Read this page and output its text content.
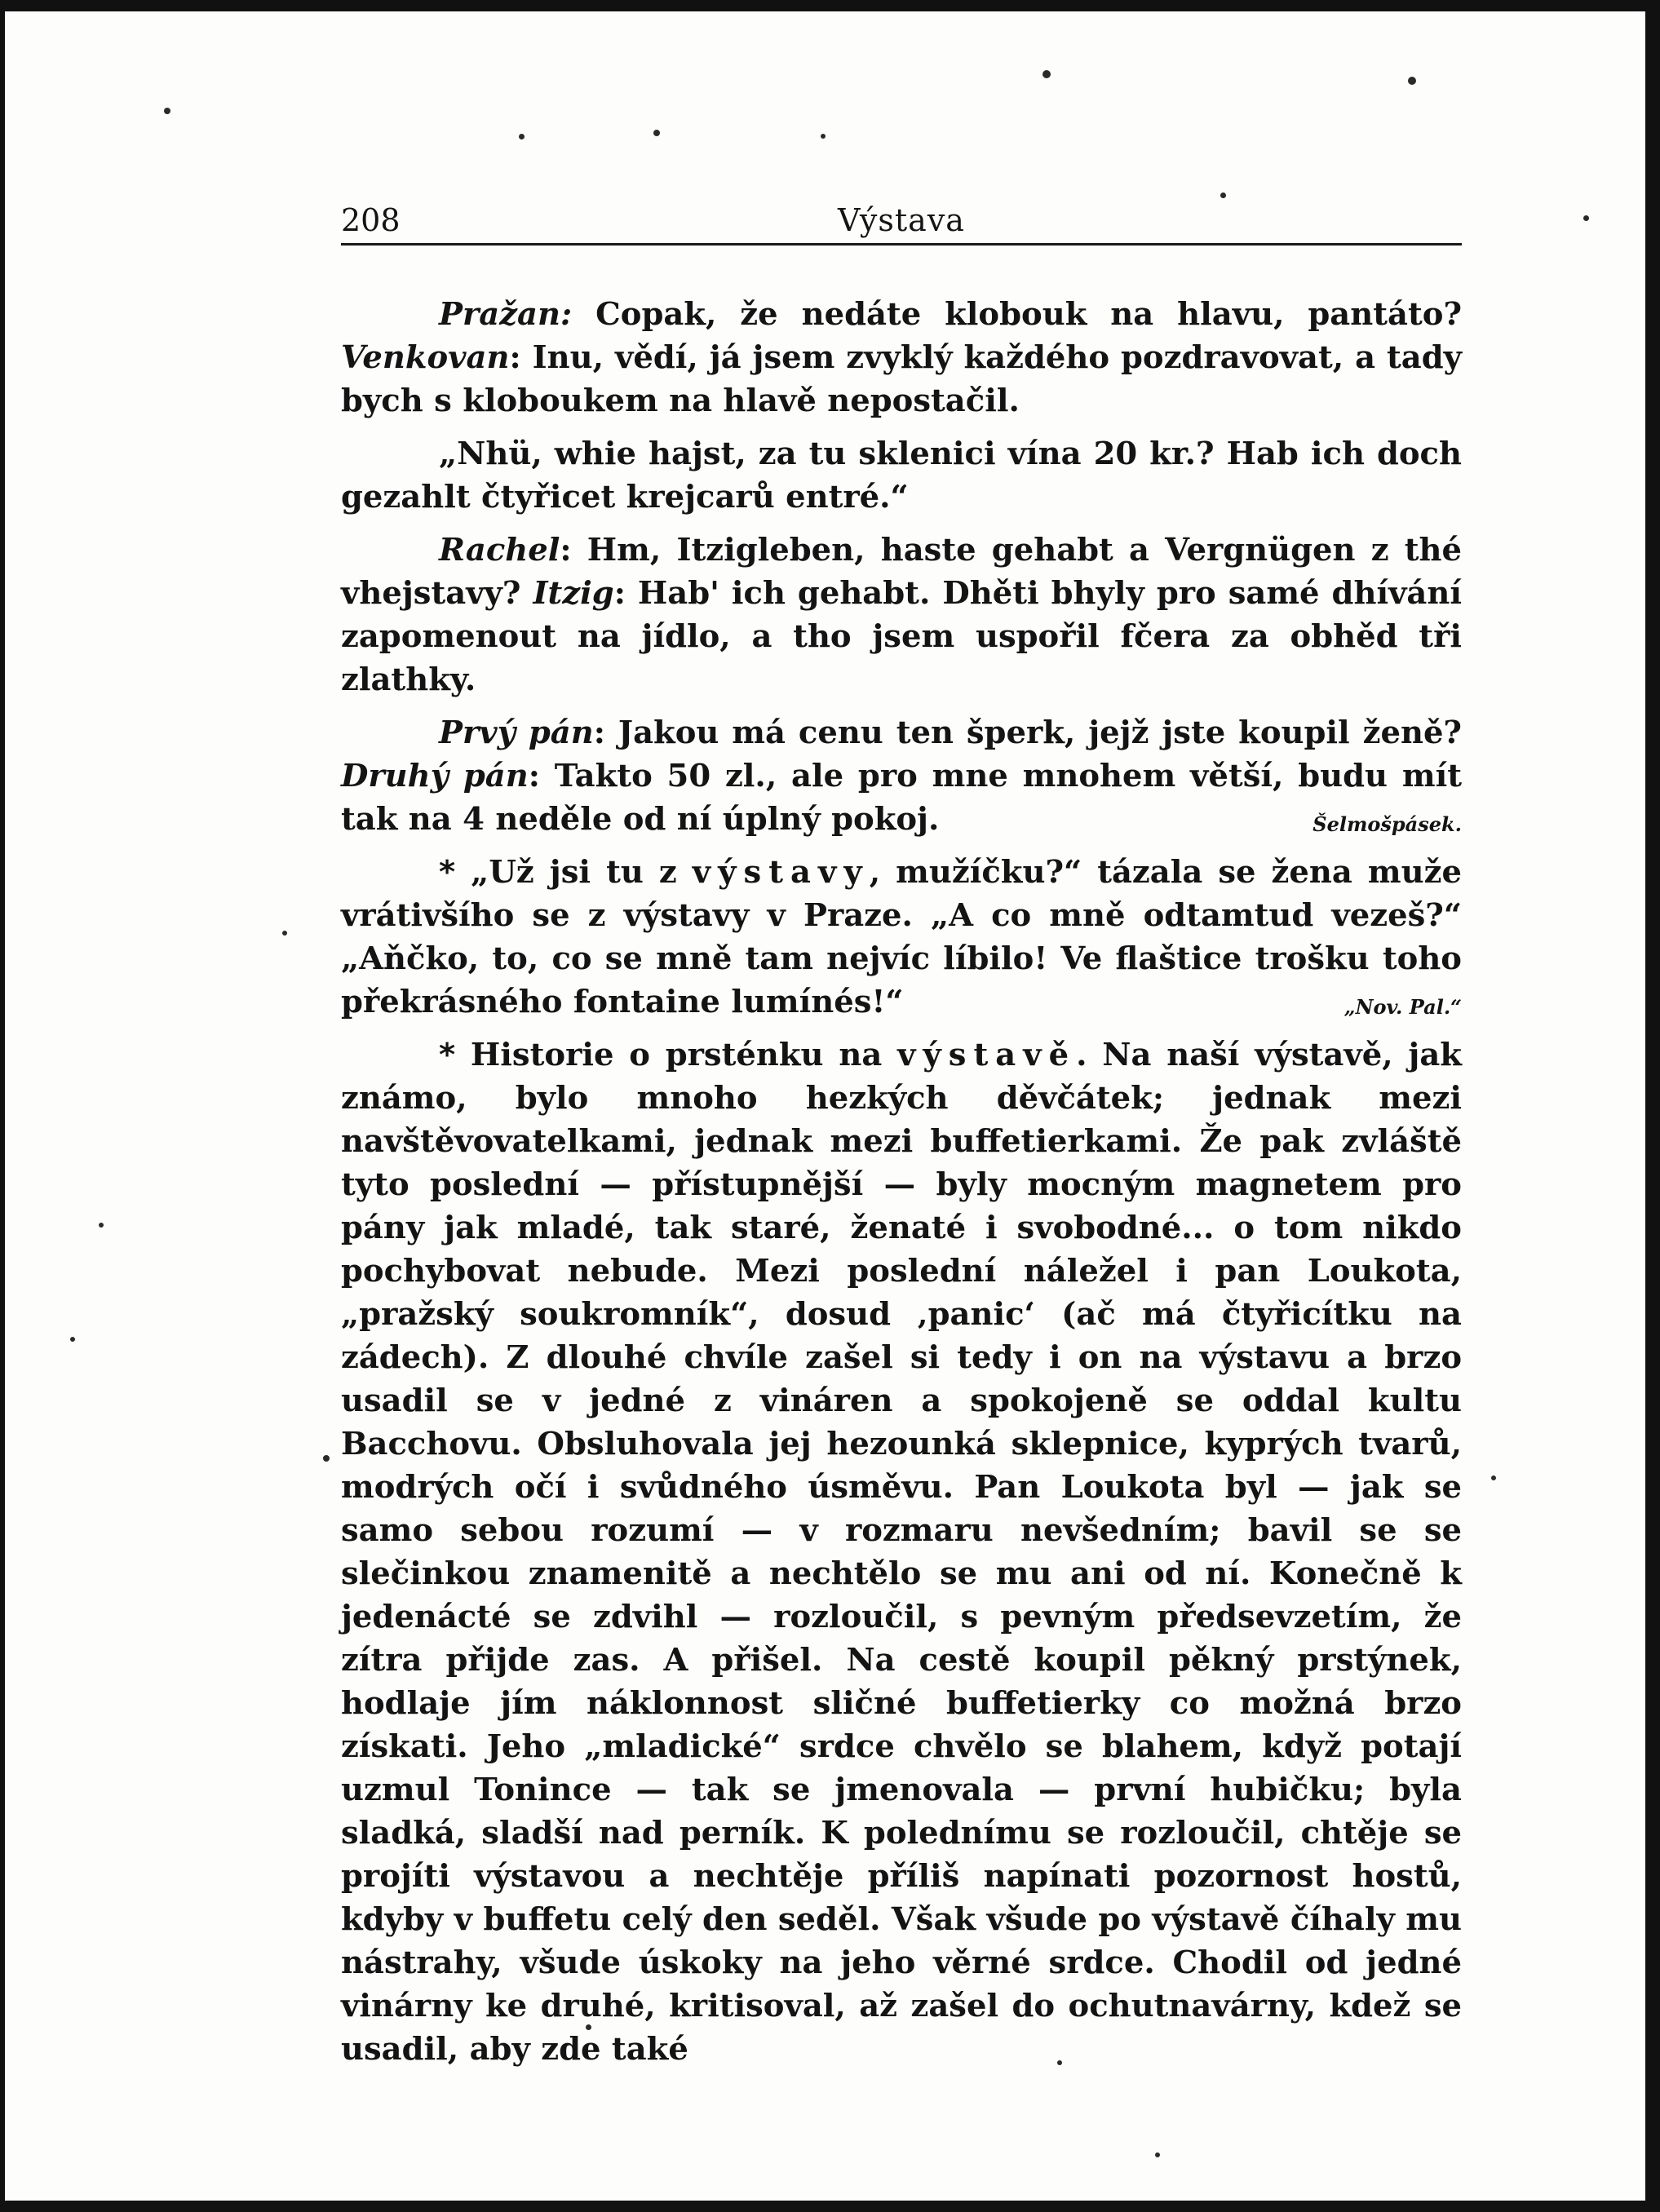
208	Výstava

Pražan: Copak, že nedáte klobouk na hlavu, pantáto? Venkovan: Inu, vědí, já jsem zvyklý každého pozdravovat, a tady bych s kloboukem na hlavě nepostačil.

„Nhü, whie hajst, za tu sklenici vína 20 kr.? Hab ich doch gezahlt čtyřicet krejcarů entré.“

Rachel: Hm, Itzigleben, haste gehabt a Vergnügen z thé vhejstavy? Itzig: Hab' ich gehabt. Dhěti bhyly pro samé dhívání zapomenout na jídlo, a tho jsem uspořil fčera za obhěd tři zlathky.

Prvý pán: Jakou má cenu ten šperk, jejž jste koupil ženě? Druhý pán: Takto 50 zl., ale pro mne mnohem větší, budu mít tak na 4 neděle od ní úplný pokoj.	Šelmošpásek.

* „Už jsi tu z výstavy, mužíčku?“ tázala se žena muže vrátivšího se z výstavy v Praze. „A co mně odtamtud vezeš?“ „Aňčko, to, co se mně tam nejvíc líbilo! Ve flaštice trošku toho překrásného fontaine lumínés!“	„Nov. Pal.“

* Historie o prsténku na výstavě. Na naší výstavě, jak známo, bylo mnoho hezkých děvčátek; jednak mezi navštěvovatelkami, jednak mezi buffetierkami. Že pak zvláště tyto poslední — přístupnější — byly mocným magnetem pro pány jak mladé, tak staré, ženaté i svobodné... o tom nikdo pochybovat nebude. Mezi poslední náležel i pan Loukota, „pražský soukromník“, dosud ‚panic‘ (ač má čtyřicítku na zádech). Z dlouhé chvíle zašel si tedy i on na výstavu a brzo usadil se v jedné z vináren a spokojeně se oddal kultu Bacchovu. Obsluhovala jej hezounká sklepnice, kyprých tvarů, modrých očí i svůdného úsměvu. Pan Loukota byl — jak se samo sebou rozumí — v rozmaru nevšedním; bavil se se slečinkou znamenitě a nechtělo se mu ani od ní. Konečně k jedenácté se zdvihl — rozloučil, s pevným předsevzetím, že zítra přijde zas. A přišel. Na cestě koupil pěkný prstýnek, hodlaje jím náklonnost sličné buffetierky co možná brzo získati. Jeho „mladické“ srdce chvělo se blahem, když potají uzmul Tonince — tak se jmenovala — první hubičku; byla sladká, sladší nad perník. K polednímu se rozloučil, chtěje se projíti výstavou a nechtěje příliš napínati pozornost hostů, kdyby v buffetu celý den seděl. Však všude po výstavě číhaly mu nástrahy, všude úskoky na jeho věrné srdce. Chodil od jedné vinárny ke druhé, kritisoval, až zašel do ochutnavárny, kdež se usadil, aby zde také
